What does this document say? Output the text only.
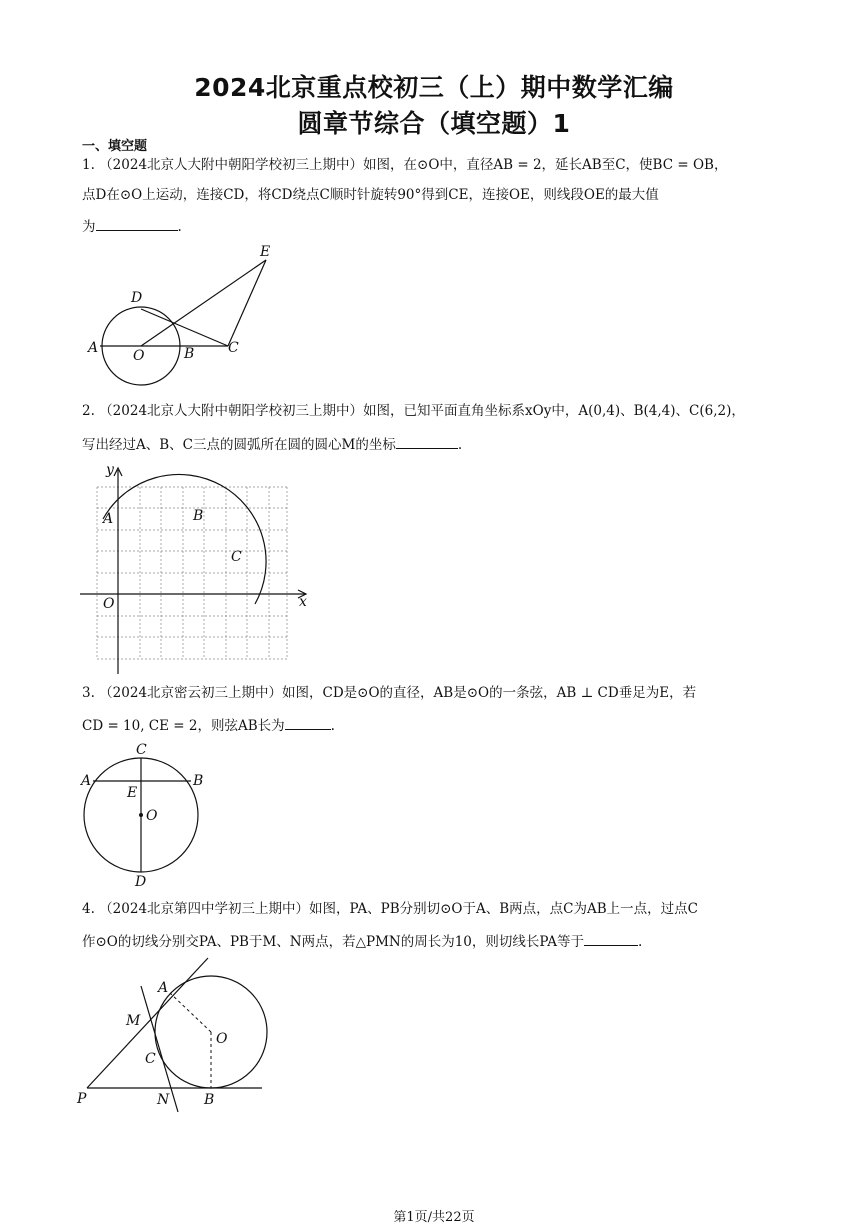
2024北京重点校初三（上）期中数学汇编
圆章节综合（填空题）1
一、填空题
1. （2024北京人大附中朝阳学校初三上期中）如图，在⊙O中，直径AB = 2，延长AB至C，使BC = OB，
点D在⊙O上运动，连接CD，将CD绕点C顺时针旋转90°得到CE，连接OE，则线段OE的最大值
为	.
E
D
A O	B C
2. （2024北京人大附中朝阳学校初三上期中）如图，已知平面直角坐标系xOy中，A(0,4)、B(4,4)、C(6,2)，
写出经过A、B、C三点的圆弧所在圆的圆心M的坐标	.
y
x
O
A	B
C
3. （2024北京密云初三上期中）如图，CD是⊙O的直径，AB是⊙O的一条弦，AB ⊥ CD垂足为E，若
CD = 10, CE = 2，则弦AB长为	.
C
A	B
E
O
D
4. （2024北京第四中学初三上期中）如图，PA、PB分别切⊙O于A、B两点，点C为AB上一点，过点C
作⊙O的切线分别交PA、PB于M、N两点，若△PMN的周长为10，则切线长PA等于	.
A
M
O
C
P	N B
第1页/共22页
